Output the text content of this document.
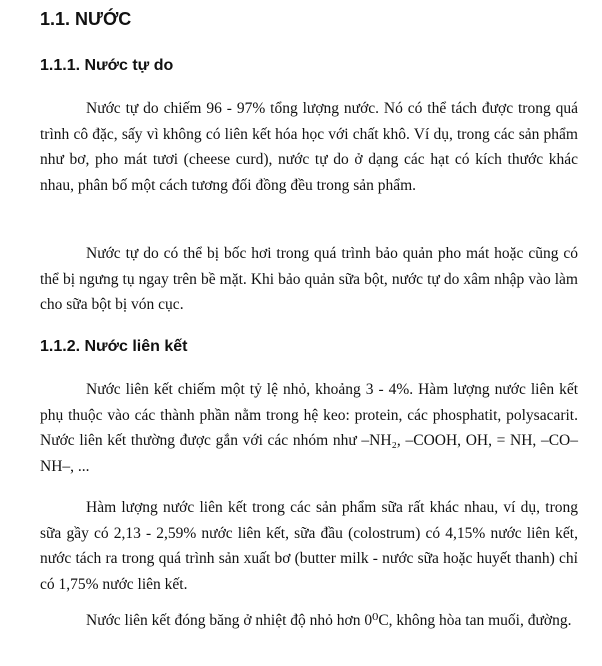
1.1. NƯỚC
1.1.1. Nước tự do

Nước tự do chiếm 96 - 97% tổng lượng nước. Nó có thể tách được trong quá trình cô đặc, sấy vì không có liên kết hóa học với chất khô. Ví dụ, trong các sản phẩm như bơ, pho mát tươi (cheese curd), nước tự do ở dạng các hạt có kích thước khác nhau, phân bố một cách tương đối đồng đều trong sản phẩm.

Nước tự do có thể bị bốc hơi trong quá trình bảo quản pho mát hoặc cũng có thể bị ngưng tụ ngay trên bề mặt. Khi bảo quản sữa bột, nước tự do xâm nhập vào làm cho sữa bột bị vón cục.

1.1.2. Nước liên kết

Nước liên kết chiếm một tỷ lệ nhỏ, khoảng 3 - 4%. Hàm lượng nước liên kết phụ thuộc vào các thành phần nằm trong hệ keo: protein, các phosphatit, polysacarit. Nước liên kết thường được gắn với các nhóm như –NH₂, –COOH, OH, = NH, –CO–NH–, ...

Hàm lượng nước liên kết trong các sản phẩm sữa rất khác nhau, ví dụ, trong sữa gầy có 2,13 - 2,59% nước liên kết, sữa đầu (colostrum) có 4,15% nước liên kết, nước tách ra trong quá trình sản xuất bơ (butter milk - nước sữa hoặc huyết thanh) chỉ có 1,75% nước liên kết.

Nước liên kết đóng băng ở nhiệt độ nhỏ hơn 0⁰C, không hòa tan muối, đường.
